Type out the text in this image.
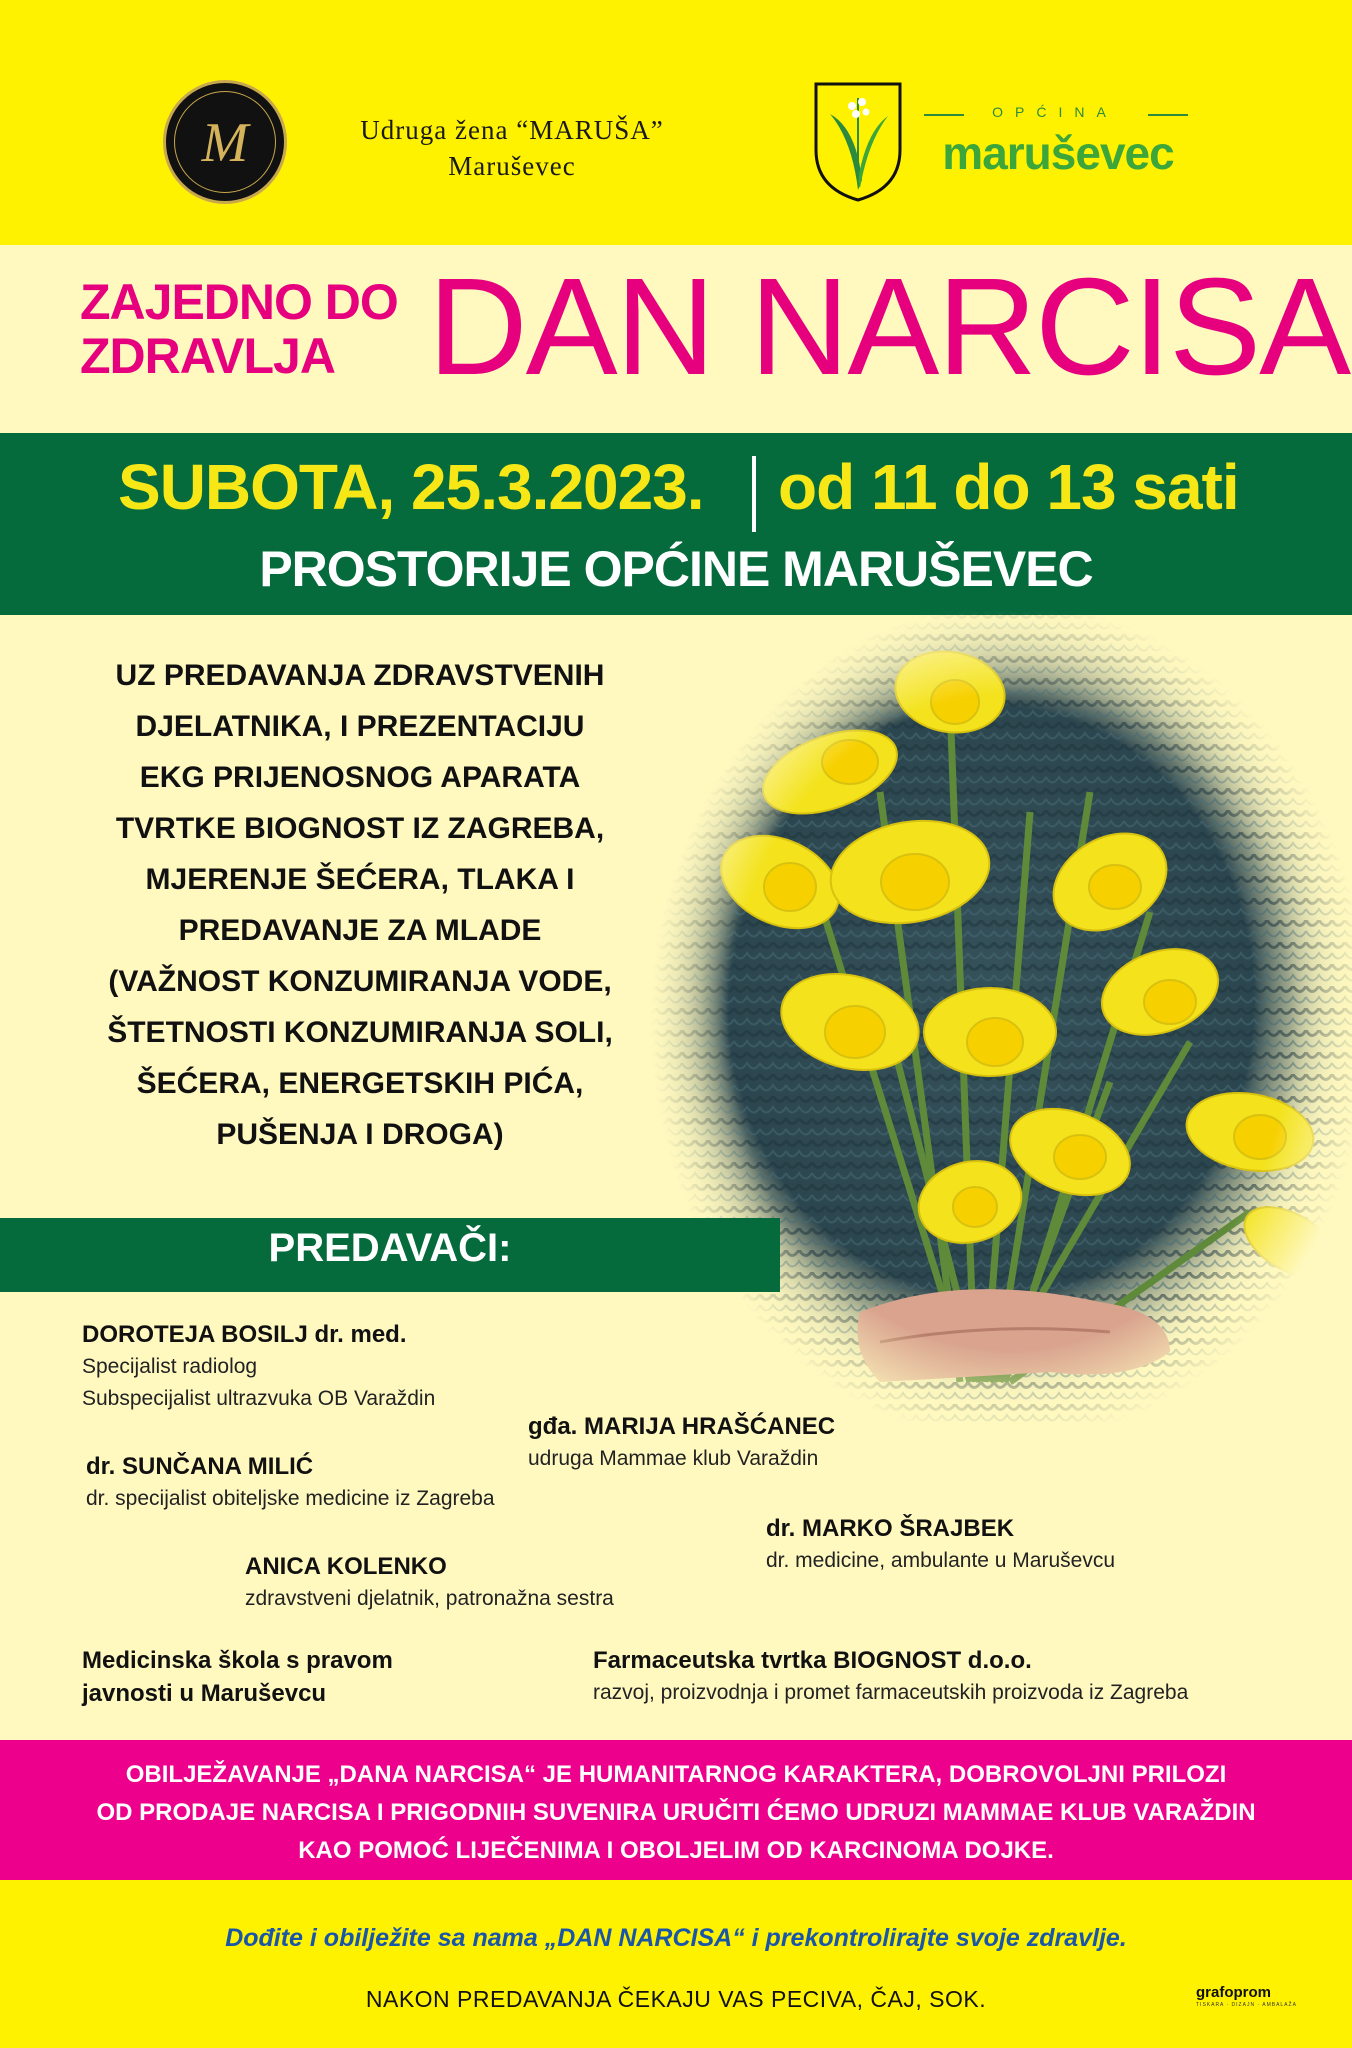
M	Udruga žena “MARUŠA”
Maruševec
OPĆINA
maruševec
ZAJEDNO DO
ZDRAVLJA DAN NARCISA
SUBOTA, 25.3.2023.	od 11 do 13 sati
PROSTORIJE OPĆINE MARUŠEVEC
UZ PREDAVANJA ZDRAVSTVENIH
DJELATNIKA, I PREZENTACIJU
EKG PRIJENOSNOG APARATA
TVRTKE BIOGNOST IZ ZAGREBA,
MJERENJE ŠEĆERA, TLAKA I
PREDAVANJE ZA MLADE
(VAŽNOST KONZUMIRANJA VODE,
ŠTETNOSTI KONZUMIRANJA SOLI,
ŠEĆERA, ENERGETSKIH PIĆA,
PUŠENJA I DROGA)
PREDAVAČI:
DOROTEJA BOSILJ dr. med.
Specijalist radiolog
Subspecijalist ultrazvuka OB Varaždin
gđa. MARIJA HRAŠĆANEC
udruga Mammae klub Varaždin
dr. SUNČANA MILIĆ
dr. specijalist obiteljske medicine iz Zagreba
dr. MARKO ŠRAJBEK
dr. medicine, ambulante u Maruševcu
ANICA KOLENKO
zdravstveni djelatnik, patronažna sestra
Medicinska škola s pravom
javnosti u Maruševcu
Farmaceutska tvrtka BIOGNOST d.o.o.
razvoj, proizvodnja i promet farmaceutskih proizvoda iz Zagreba
OBILJEŽAVANJE „DANA NARCISA“ JE HUMANITARNOG KARAKTERA, DOBROVOLJNI PRILOZI
OD PRODAJE NARCISA I PRIGODNIH SUVENIRA URUČITI ĆEMO UDRUZI MAMMAE KLUB VARAŽDIN
KAO POMOĆ LIJEČENIMA I OBOLJELIM OD KARCINOMA DOJKE.
Dođite i obilježite sa nama „DAN NARCISA“ i prekontrolirajte svoje zdravlje.
NAKON PREDAVANJA ČEKAJU VAS PECIVA, ČAJ, SOK.	grafoprom
TISKARA · DIZAJN · AMBALAŽA
